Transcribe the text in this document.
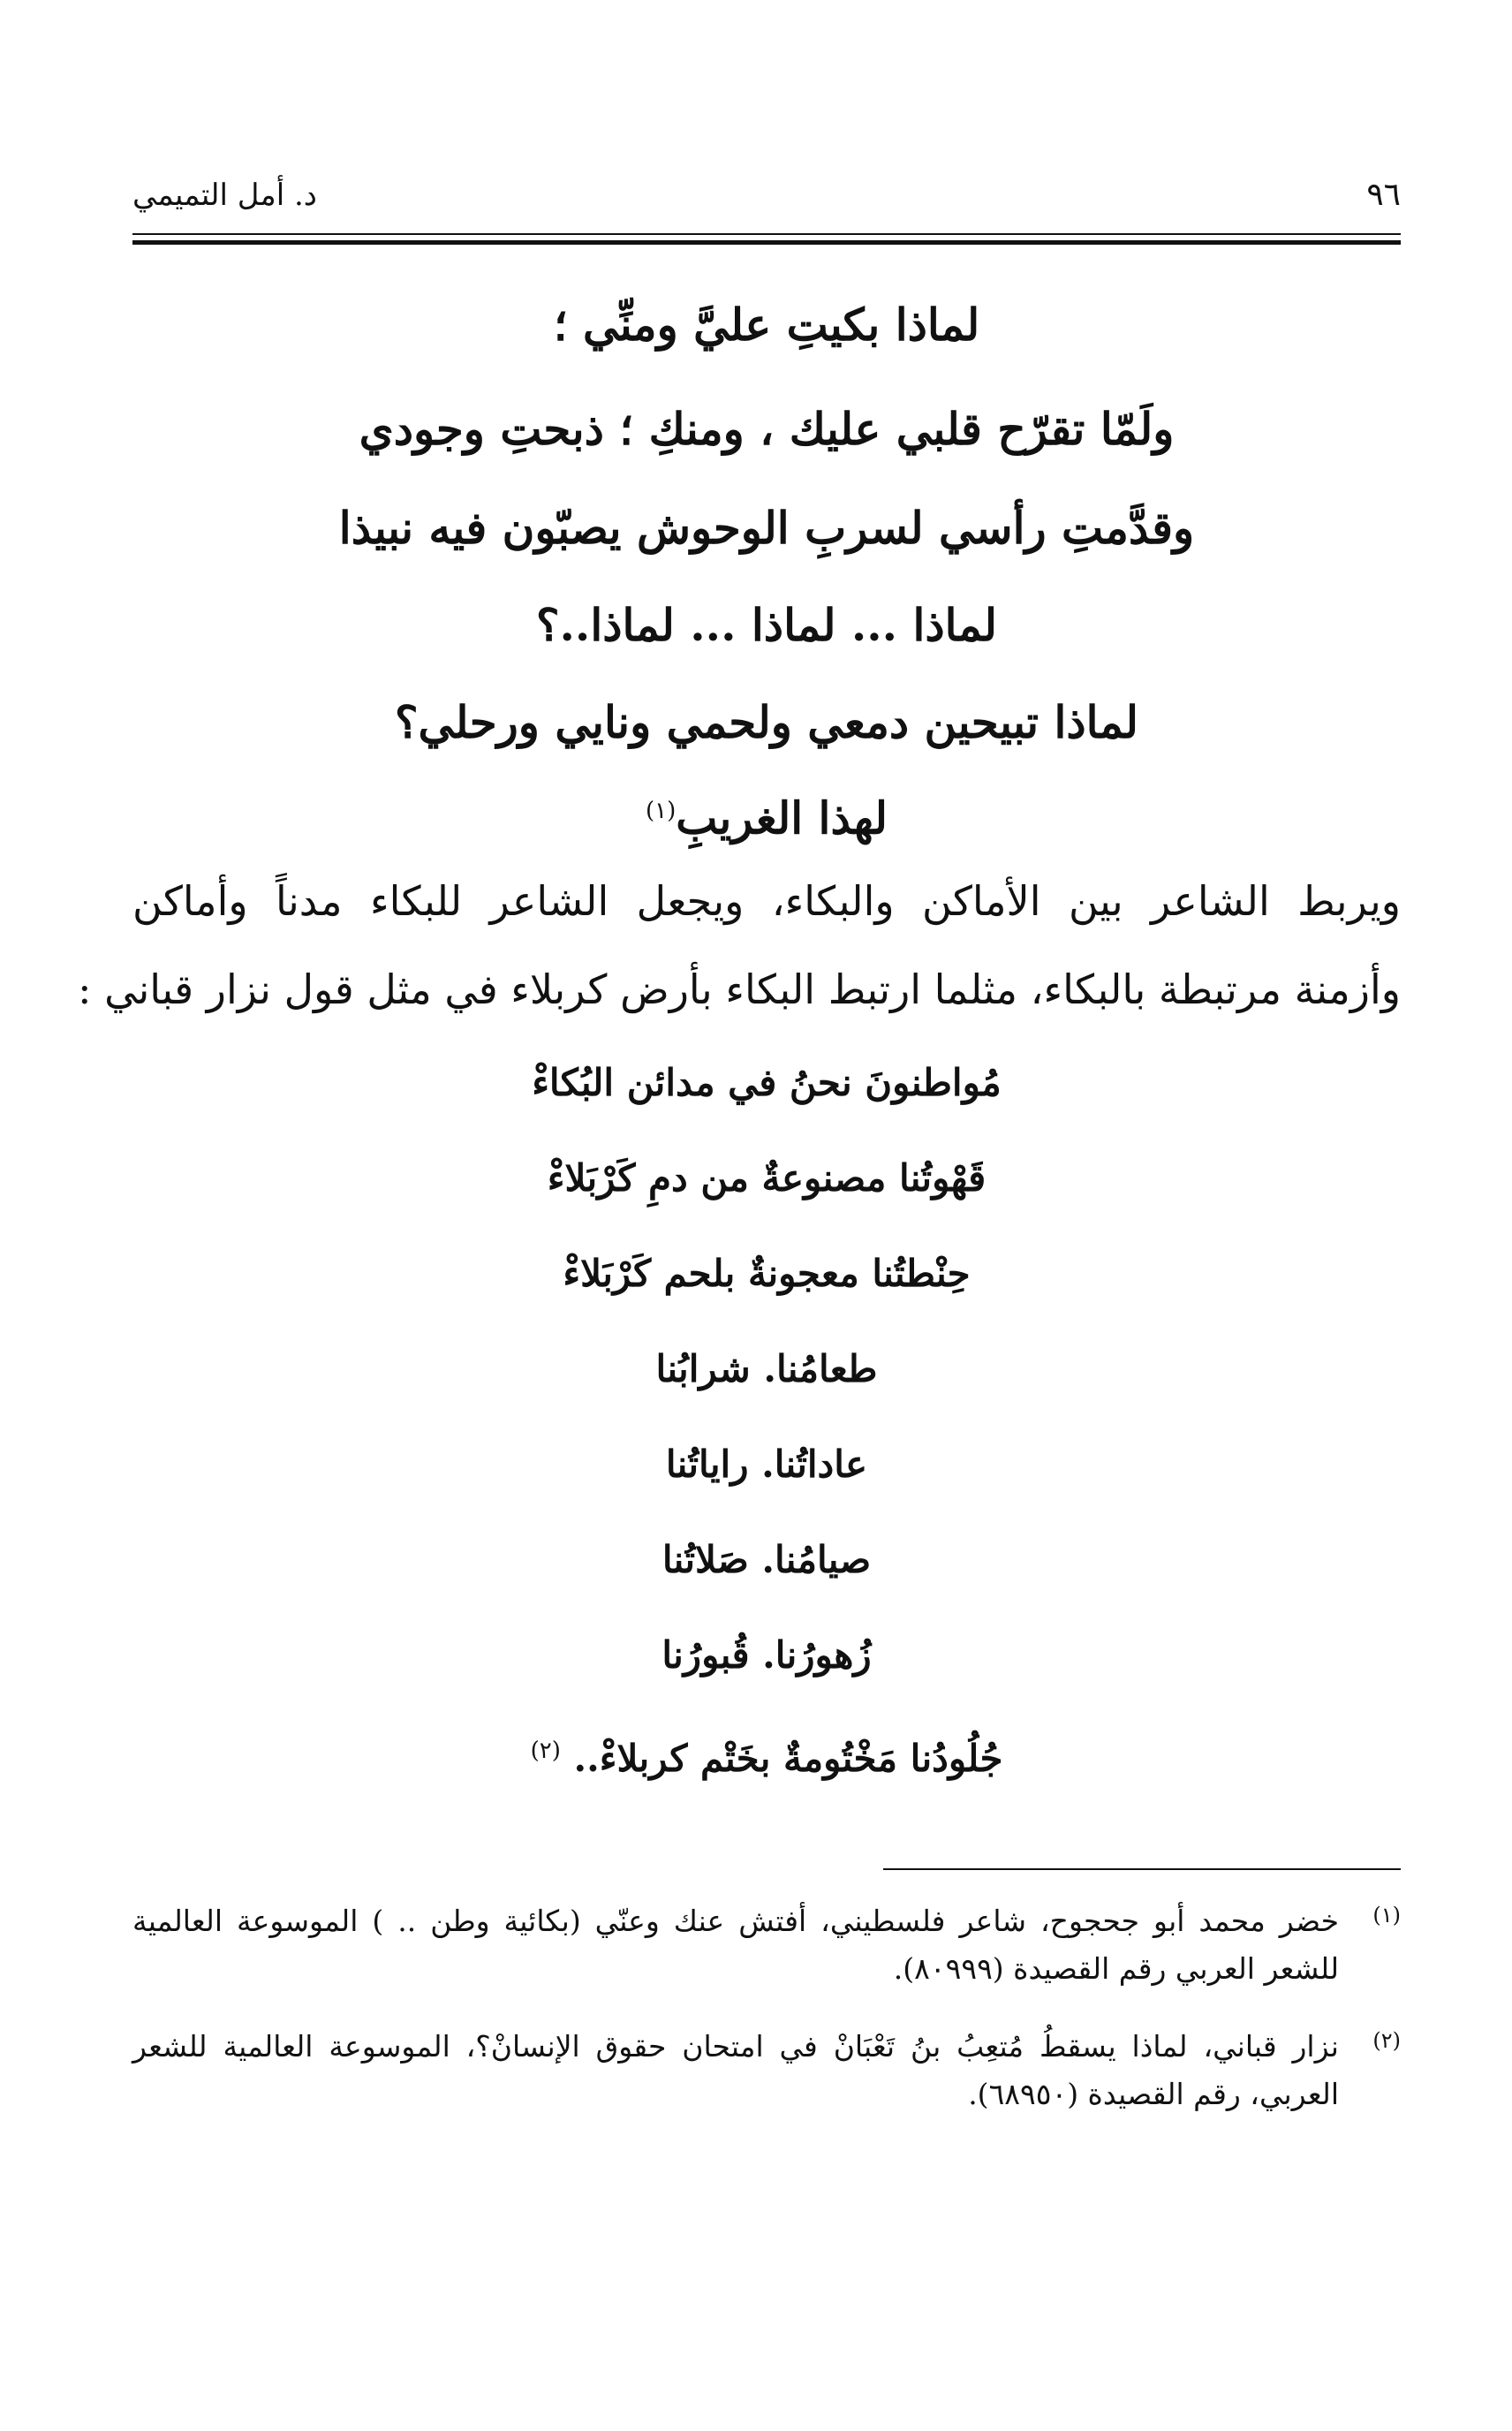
٩٦
د. أمل التميمي
لماذا بكيتِ عليَّ ومنِّي ؛
ولَمّا تقرّح قلبي عليك ، ومنكِ ؛ ذبحتِ وجودي
وقدَّمتِ رأسي لسربِ الوحوش يصبّون فيه نبيذا
لماذا ... لماذا ... لماذا..؟
لماذا تبيحين دمعي ولحمي ونايي ورحلي؟
لهذا الغريبِ$^{(١)}$
ويربط الشاعر بين الأماكن والبكاء، ويجعل الشاعر للبكاء مدناً وأماكن
وأزمنة مرتبطة بالبكاء، مثلما ارتبط البكاء بأرض كربلاء في مثل قول نزار قباني :
مُواطنونَ نحنُ في مدائن البُكاءْ
قَهْوتُنا مصنوعةٌ من دمِ كَرْبَلاءْ
حِنْطتُنا معجونةٌ بلحم كَرْبَلاءْ
طعامُنا. شرابُنا
عاداتُنا. راياتُنا
صيامُنا. صَلاتُنا
زُهورُنا. قُبورُنا
جُلُودُنا مَخْتُومةٌ بخَتْم كربلاءْ.. $^{(٢)}$
(١)
خضر محمد أبو جحجوح، شاعر فلسطيني، أفتش عنك وعنّي (بكائية وطن .. ) الموسوعة العالمية للشعر العربي رقم القصيدة (٨٠٩٩٩).
(٢)
نزار قباني، لماذا يسقطُ مُتعِبُ بنُ تَعْبَانْ في امتحان حقوق الإنسانْ؟، الموسوعة العالمية للشعر العربي، رقم القصيدة (٦٨٩٥٠).
